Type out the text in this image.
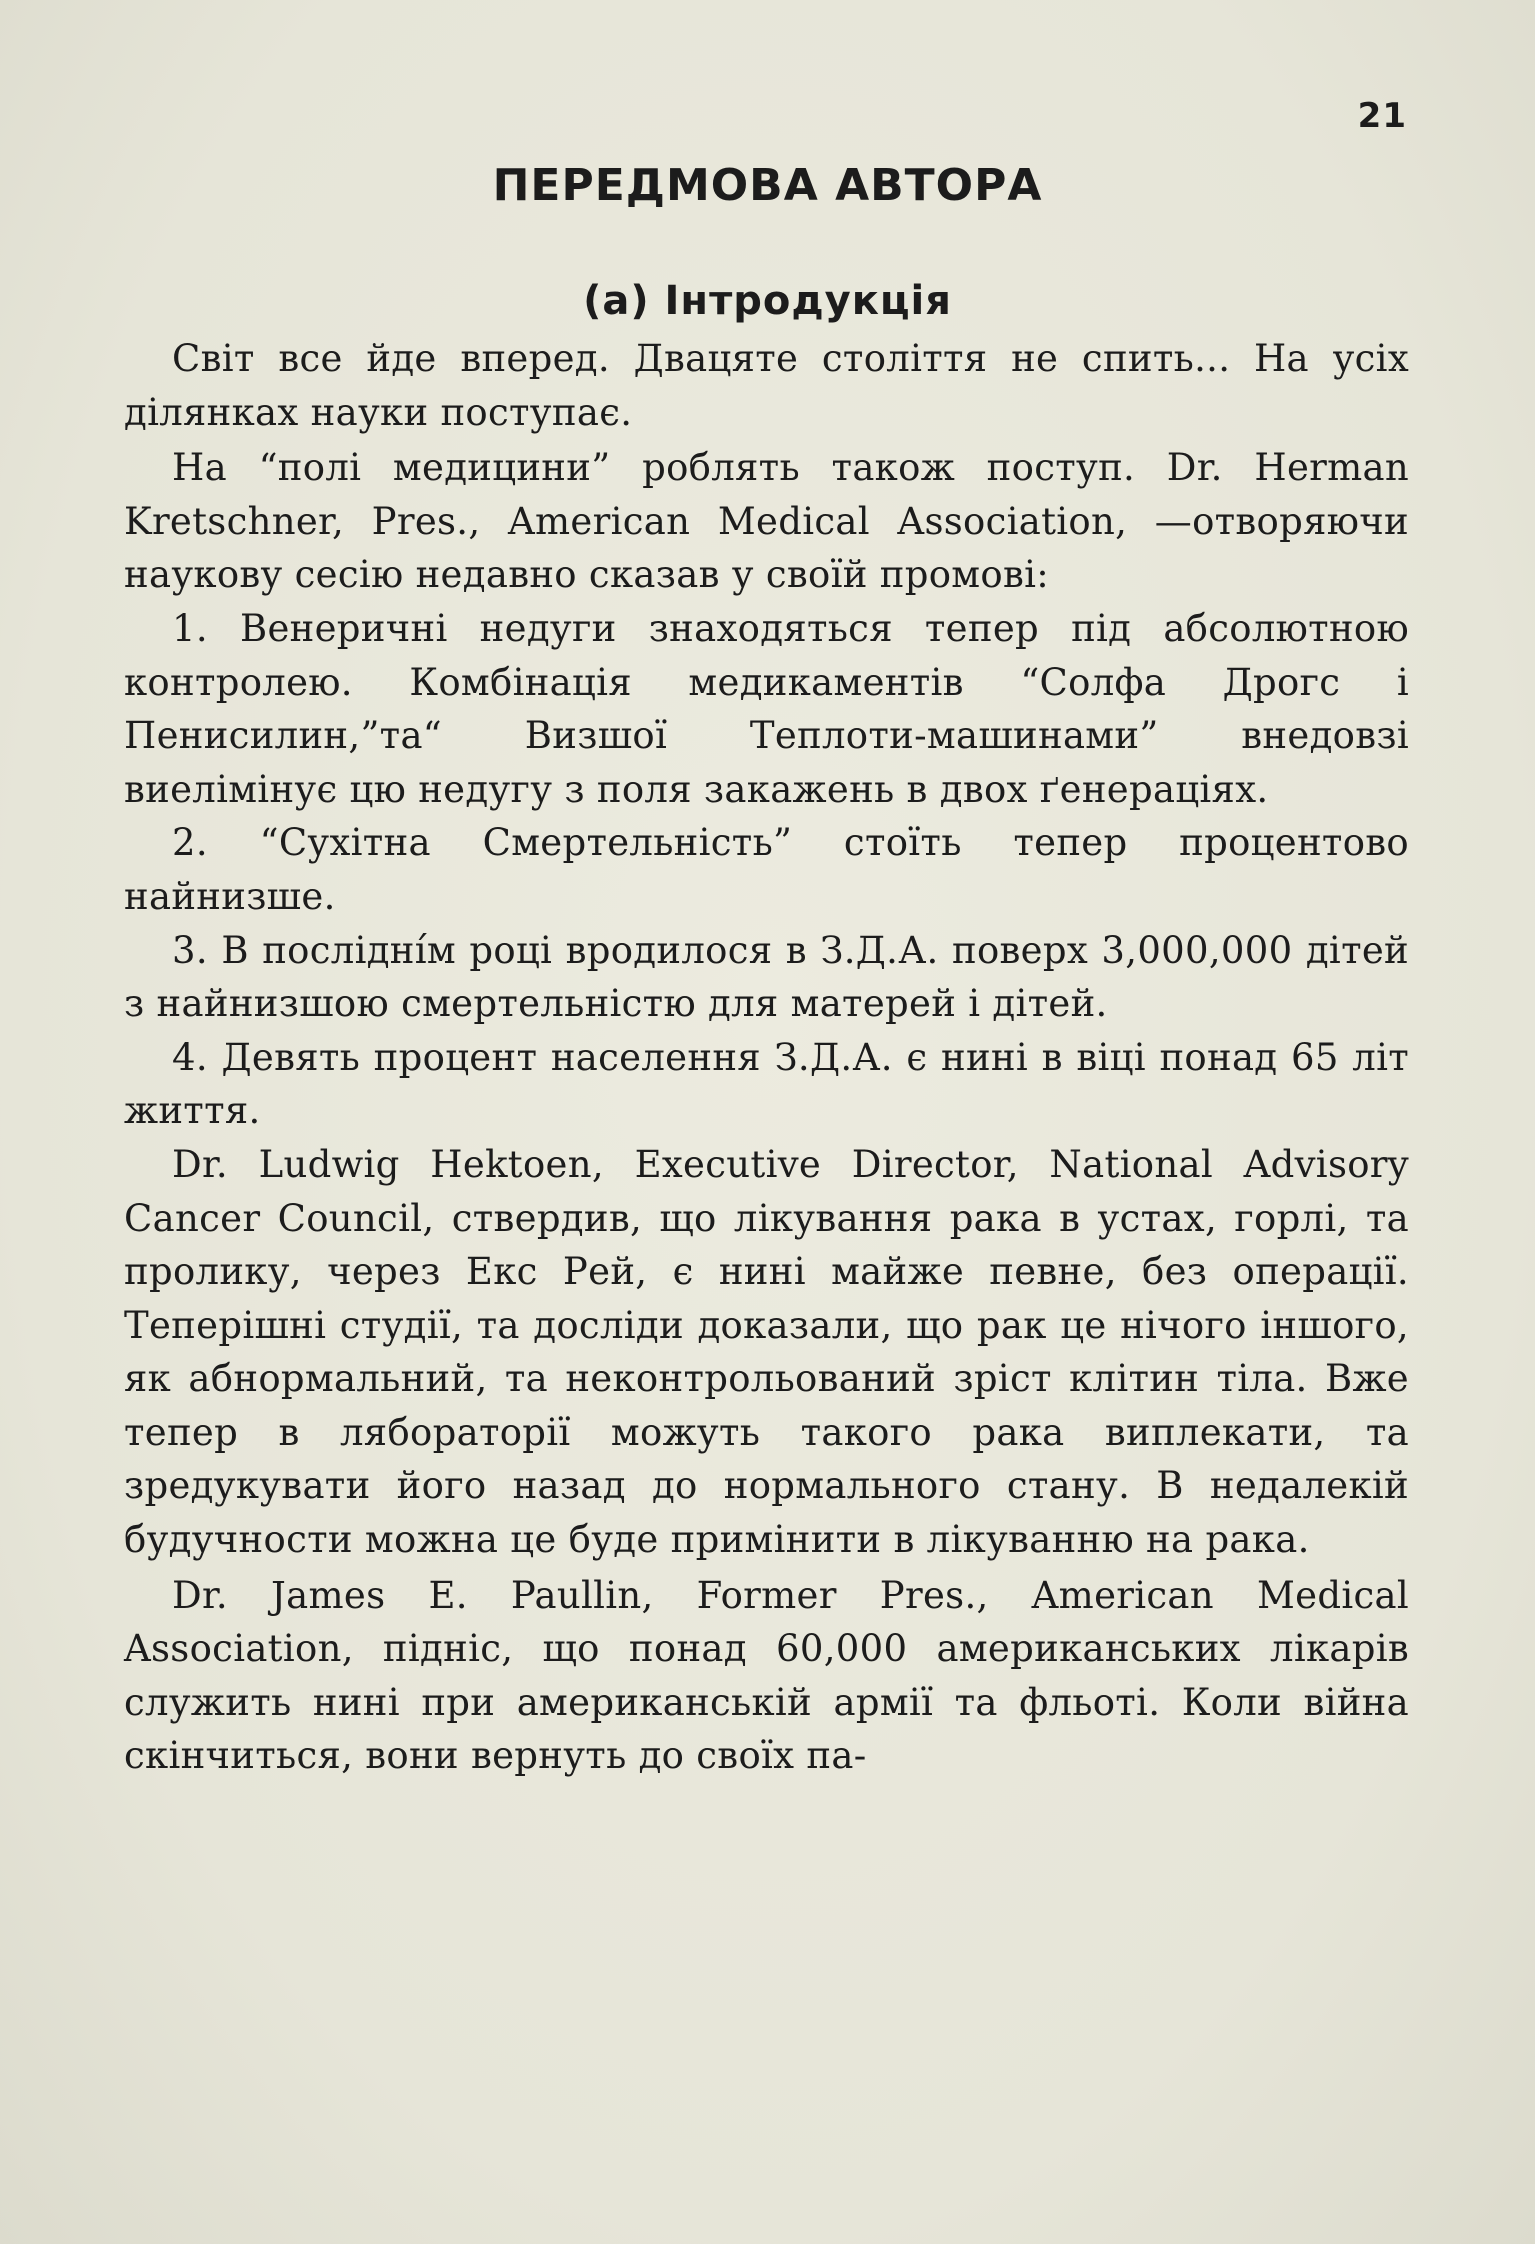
21
ПЕРЕДМОВА АВТОРА
(а) Інтродукція

Світ все йде вперед. Двацяте століття не спить... На усіх ділянках науки поступає.

На “полі медицини” роблять також поступ. Dr. Herman Kretschner, Pres., American Medical Association, —отворяючи наукову сесію недавно сказав у своїй промові:

1. Венеричні недуги знаходяться тепер під абсолютною контролею. Комбінація медикаментів “Солфа Дрогс і Пенисилин,”та“ Визшої Теплоти-машинами” внедовзі виелімінує цю недугу з поля закажень в двох ґенераціях.

2. “Сухітна Смертельність” стоїть тепер процентово найнизше.

3. В послідні́м році вродилося в З.Д.А. поверх 3,000,000 дітей з найнизшою смертельністю для матерей і дітей.

4. Девять процент населення З.Д.А. є нині в віці понад 65 літ життя.

Dr. Ludwig Hektoen, Executive Director, National Advisory Cancer Council, ствердив, що лікування рака в устах, горлі, та пролику, через Екс Рей, є нині майже певне, без операції. Теперішні студії, та досліди доказали, що рак це нічого іншого, як абнормальний, та неконтрольований зріст клітин тіла. Вже тепер в лябораторії можуть такого рака виплекати, та зредукувати його назад до нормального стану. В недалекій будучности можна це буде примінити в лікуванню на рака.

Dr. James E. Paullin, Former Pres., American Medical Association, підніс, що понад 60,000 американських лікарів служить нині при американській армії та фльоті. Коли війна скінчиться, вони вернуть до своїх па-
